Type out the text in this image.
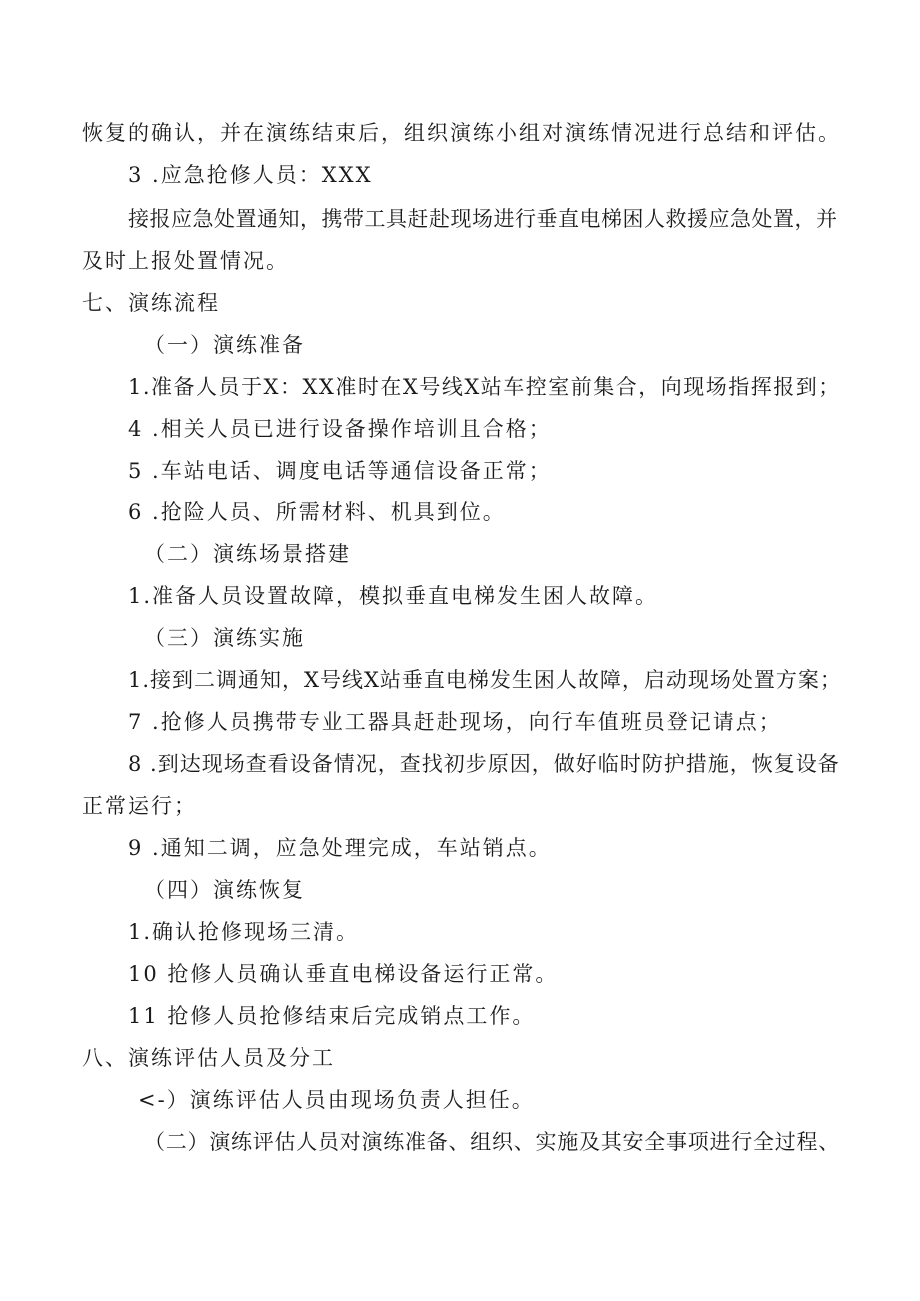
恢复的确认，并在演练结束后，组织演练小组对演练情况进行总结和评估。
3 .应急抢修人员：XXX
接报应急处置通知，携带工具赶赴现场进行垂直电梯困人救援应急处置，并
及时上报处置情况。
七、演练流程
（一）演练准备
1.准备人员于X：XX准时在X号线X站车控室前集合，向现场指挥报到；
4 .相关人员已进行设备操作培训且合格；
5 .车站电话、调度电话等通信设备正常；
6 .抢险人员、所需材料、机具到位。
（二）演练场景搭建
1.准备人员设置故障，模拟垂直电梯发生困人故障。
（三）演练实施
1.接到二调通知，X号线X站垂直电梯发生困人故障，启动现场处置方案；
7 .抢修人员携带专业工器具赶赴现场，向行车值班员登记请点；
8 .到达现场查看设备情况，查找初步原因，做好临时防护措施，恢复设备
正常运行；
9 .通知二调，应急处理完成，车站销点。
（四）演练恢复
1.确认抢修现场三清。
10 抢修人员确认垂直电梯设备运行正常。
11 抢修人员抢修结束后完成销点工作。
八、演练评估人员及分工
<-）演练评估人员由现场负责人担任。
（二）演练评估人员对演练准备、组织、实施及其安全事项进行全过程、
